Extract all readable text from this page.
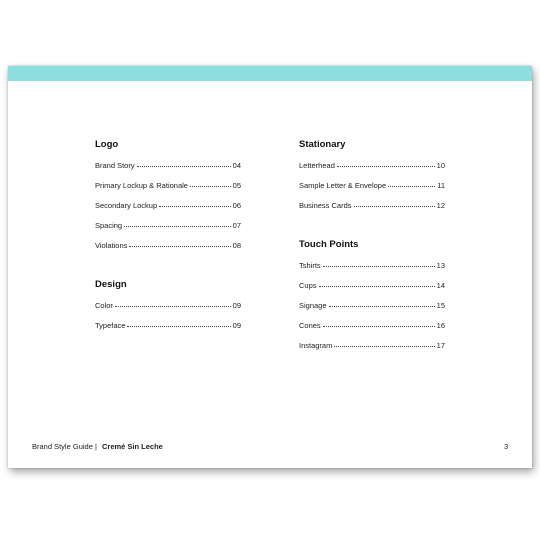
Logo
Brand Story	04
Primary Lockup & Rationale	05
Secondary Lockup	06
Spacing	07
Violations	08
Design
Color	09
Typeface	09
Stationary
Letterhead	10
Sample Letter & Envelope	11
Business Cards	12
Touch Points
Tshirts	13
Cups	14
Signage	15
Cones	16
Instagram	17
Brand Style Guide | Cremé Sin Leche	3
